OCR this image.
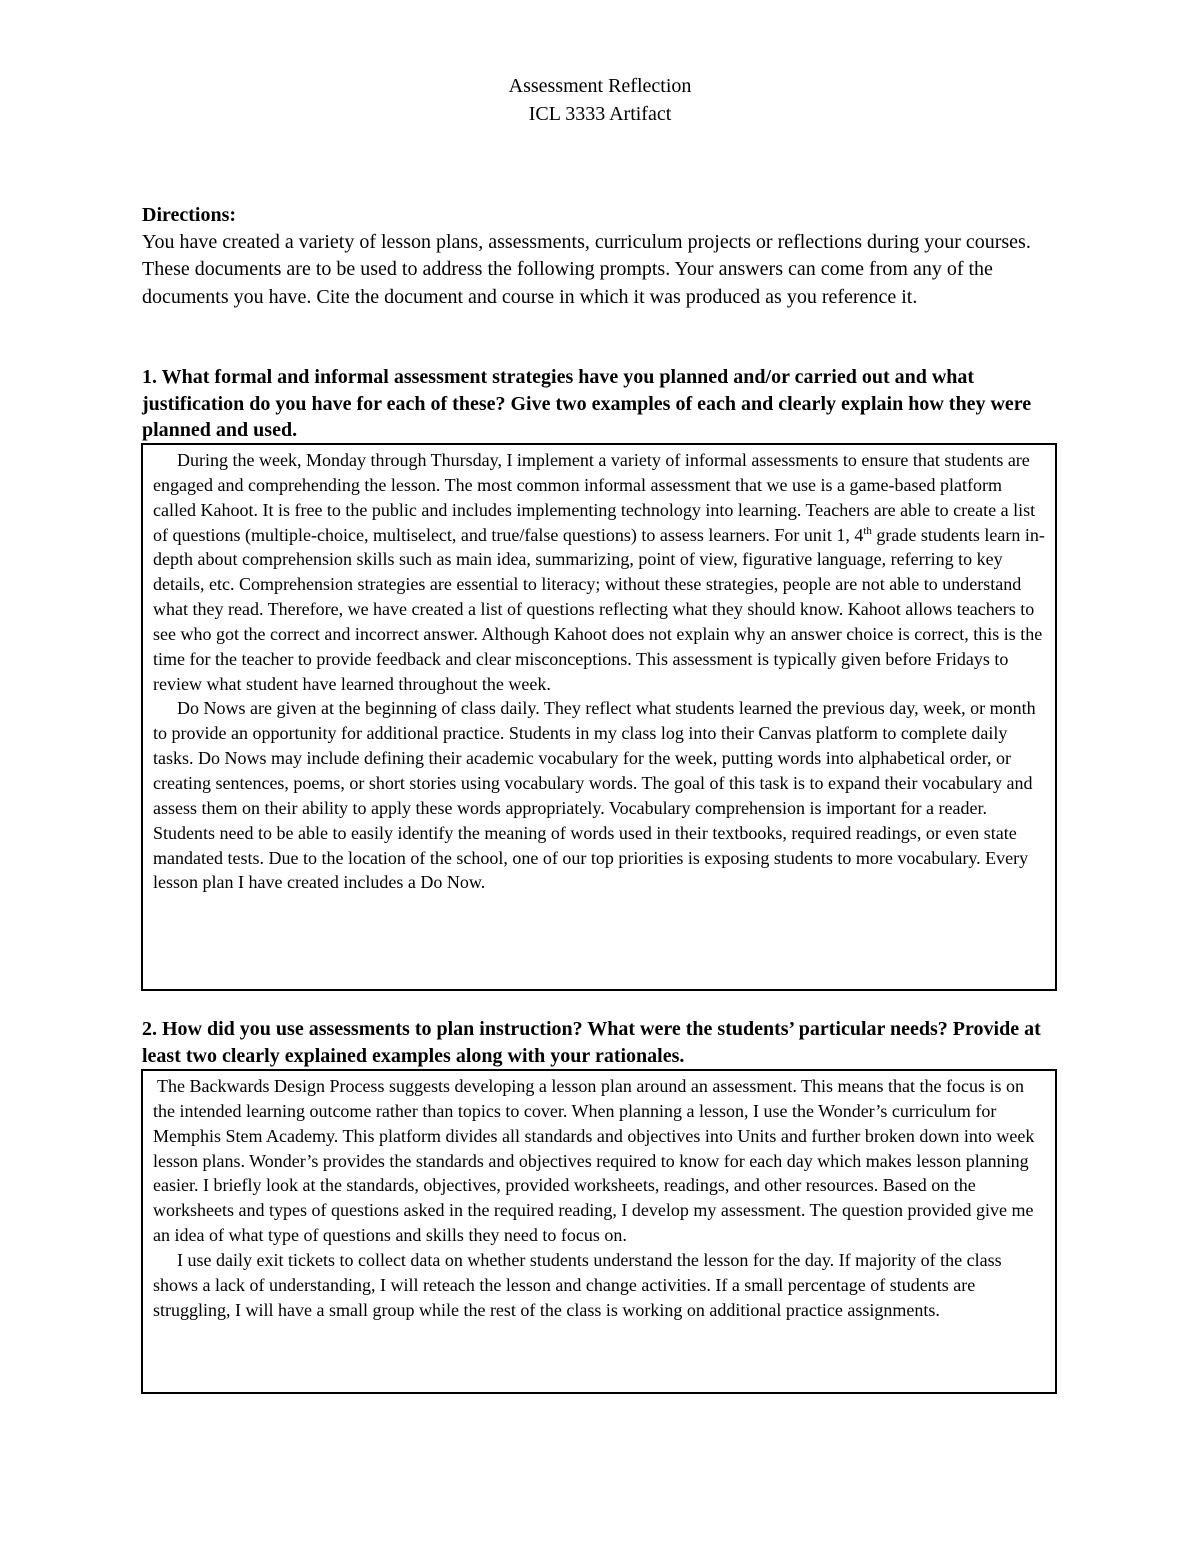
Assessment Reflection
ICL 3333 Artifact
Directions:

You have created a variety of lesson plans, assessments, curriculum projects or reflections during your courses. These documents are to be used to address the following prompts. Your answers can come from any of the documents you have. Cite the document and course in which it was produced as you reference it.

1. What formal and informal assessment strategies have you planned and/or carried out and what justification do you have for each of these? Give two examples of each and clearly explain how they were planned and used.

During the week, Monday through Thursday, I implement a variety of informal assessments to ensure that students are engaged and comprehending the lesson. The most common informal assessment that we use is a game-based platform called Kahoot. It is free to the public and includes implementing technology into learning. Teachers are able to create a list of questions (multiple-choice, multiselect, and true/false questions) to assess learners. For unit 1, 4th grade students learn in-depth about comprehension skills such as main idea, summarizing, point of view, figurative language, referring to key details, etc. Comprehension strategies are essential to literacy; without these strategies, people are not able to understand what they read. Therefore, we have created a list of questions reflecting what they should know. Kahoot allows teachers to see who got the correct and incorrect answer. Although Kahoot does not explain why an answer choice is correct, this is the time for the teacher to provide feedback and clear misconceptions. This assessment is typically given before Fridays to review what student have learned throughout the week.

Do Nows are given at the beginning of class daily. They reflect what students learned the previous day, week, or month to provide an opportunity for additional practice. Students in my class log into their Canvas platform to complete daily tasks. Do Nows may include defining their academic vocabulary for the week, putting words into alphabetical order, or creating sentences, poems, or short stories using vocabulary words. The goal of this task is to expand their vocabulary and assess them on their ability to apply these words appropriately. Vocabulary comprehension is important for a reader. Students need to be able to easily identify the meaning of words used in their textbooks, required readings, or even state mandated tests. Due to the location of the school, one of our top priorities is exposing students to more vocabulary. Every lesson plan I have created includes a Do Now.

2. How did you use assessments to plan instruction? What were the students’ particular needs? Provide at least two clearly explained examples along with your rationales.

The Backwards Design Process suggests developing a lesson plan around an assessment. This means that the focus is on the intended learning outcome rather than topics to cover. When planning a lesson, I use the Wonder’s curriculum for Memphis Stem Academy. This platform divides all standards and objectives into Units and further broken down into week lesson plans. Wonder’s provides the standards and objectives required to know for each day which makes lesson planning easier. I briefly look at the standards, objectives, provided worksheets, readings, and other resources. Based on the worksheets and types of questions asked in the required reading, I develop my assessment. The question provided give me an idea of what type of questions and skills they need to focus on.

I use daily exit tickets to collect data on whether students understand the lesson for the day. If majority of the class shows a lack of understanding, I will reteach the lesson and change activities. If a small percentage of students are struggling, I will have a small group while the rest of the class is working on additional practice assignments.
